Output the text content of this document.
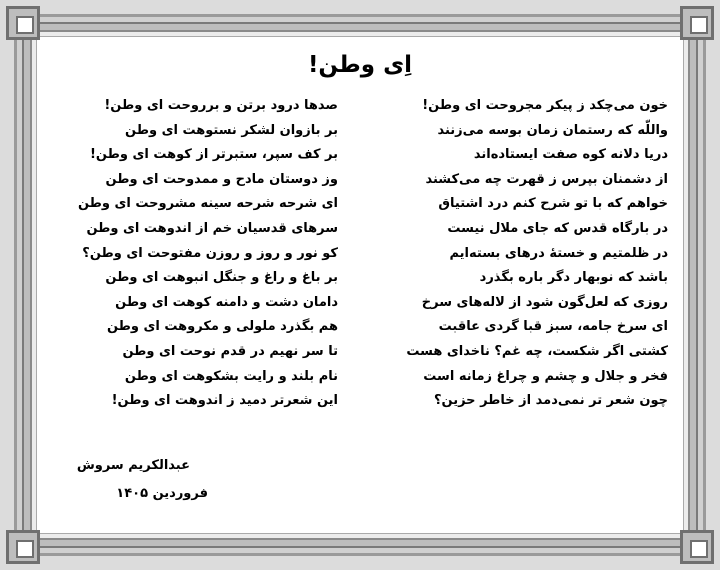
اِی وطن!
خون می‌چکد ز پیکر مجروحت ای وطن!
واللّه که رستمان زمان بوسه می‌زنند
دریا دلانه کوه صفت ایستاده‌اند
از دشمنان بپرس ز قهرت چه می‌کشند
خواهم که با تو شرح کنم درد اشتیاق
در بارگاه قدس که جای ملال نیست
در ظلمتیم و خستهٔ درهای بسته‌ایم
باشد که نوبهار دگر باره بگذرد
روزی که لعل‌گون شود از لاله‌های سرخ
ای سرخ جامه، سبز قبا گردی عاقبت
کشتی اگر شکست، چه غم؟ ناخدای هست
فخر و جلال و چشم و چراغ زمانه است
چون شعر تر نمی‌دمد از خاطر حزین؟
صدها درود برتن و برروحت ای وطن!
بر بازوان لشکر نستوهت ای وطن
بر کف سپر، ستبرتر از کوهت ای وطن!
وز دوستان مادح و ممدوحت ای وطن
ای شرحه شرحه سینه مشروحت ای وطن
سرهای قدسیان خم از اندوهت ای وطن
کو نور و روز و روزن مفتوحت ای وطن؟
بر باغ و راغ و جنگل انبوهت ای وطن
دامان دشت و دامنه کوهت ای وطن
هم بگذرد ملولی و مکروهت ای وطن
تا سر نهیم در قدم نوحت ای وطن
نام بلند و رایت بشکوهت ای وطن
این شعرتر دمید ز اندوهت ای وطن!
عبدالکریم سروش
فروردین ۱۴۰۵
